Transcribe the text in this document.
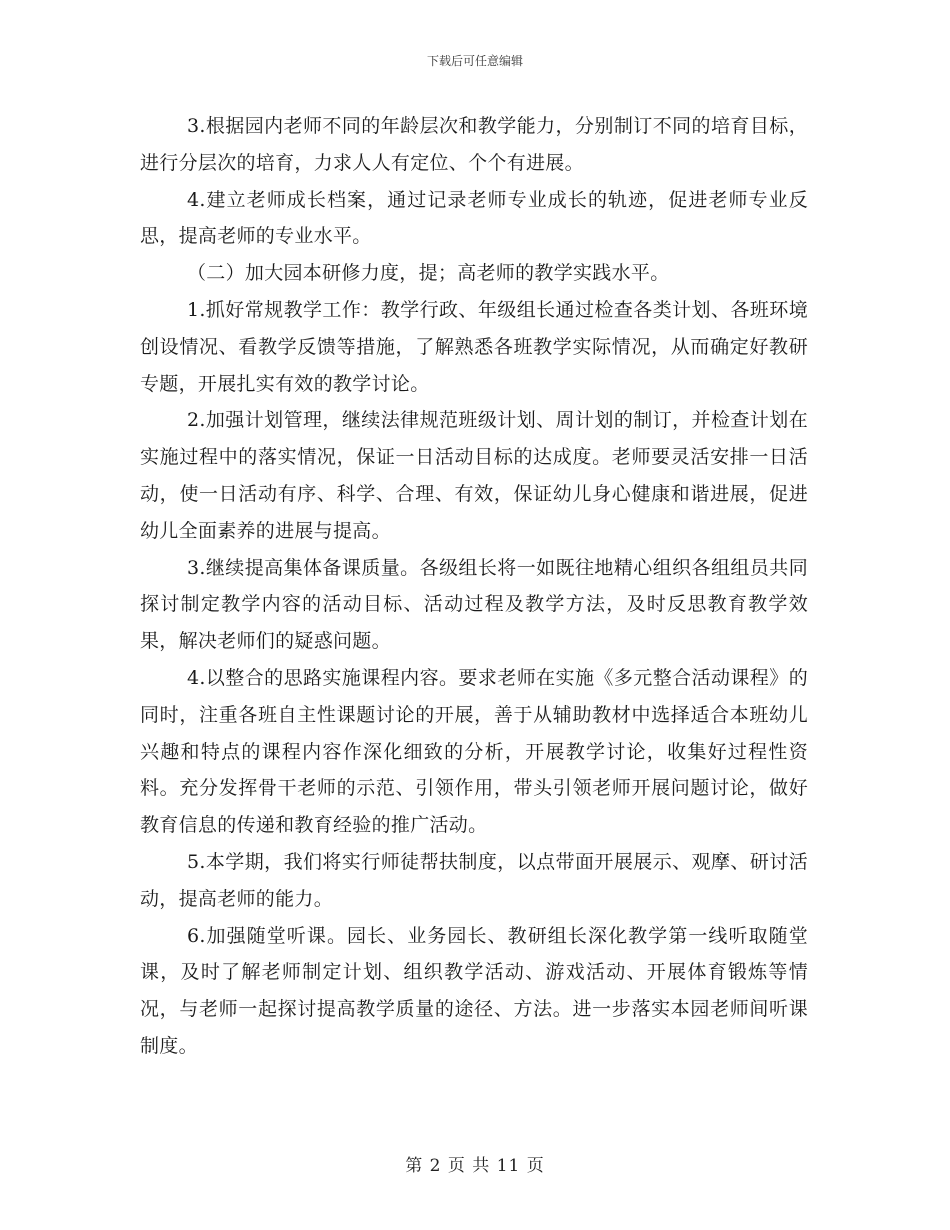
下载后可任意编辑

3.根据园内老师不同的年龄层次和教学能力，分别制订不同的培育目标，进行分层次的培育，力求人人有定位、个个有进展。

4.建立老师成长档案，通过记录老师专业成长的轨迹，促进老师专业反思，提高老师的专业水平。

（二）加大园本研修力度，提；高老师的教学实践水平。

1.抓好常规教学工作：教学行政、年级组长通过检查各类计划、各班环境创设情况、看教学反馈等措施，了解熟悉各班教学实际情况，从而确定好教研专题，开展扎实有效的教学讨论。

2.加强计划管理，继续法律规范班级计划、周计划的制订，并检查计划在实施过程中的落实情况，保证一日活动目标的达成度。老师要灵活安排一日活动，使一日活动有序、科学、合理、有效，保证幼儿身心健康和谐进展，促进幼儿全面素养的进展与提高。

3.继续提高集体备课质量。各级组长将一如既往地精心组织各组组员共同探讨制定教学内容的活动目标、活动过程及教学方法，及时反思教育教学效果，解决老师们的疑惑问题。

4.以整合的思路实施课程内容。要求老师在实施《多元整合活动课程》的同时，注重各班自主性课题讨论的开展，善于从辅助教材中选择适合本班幼儿兴趣和特点的课程内容作深化细致的分析，开展教学讨论，收集好过程性资料。充分发挥骨干老师的示范、引领作用，带头引领老师开展问题讨论，做好教育信息的传递和教育经验的推广活动。

5.本学期，我们将实行师徒帮扶制度，以点带面开展展示、观摩、研讨活动，提高老师的能力。

6.加强随堂听课。园长、业务园长、教研组长深化教学第一线听取随堂课，及时了解老师制定计划、组织教学活动、游戏活动、开展体育锻炼等情况，与老师一起探讨提高教学质量的途径、方法。进一步落实本园老师间听课制度。

第 2 页 共 11 页
